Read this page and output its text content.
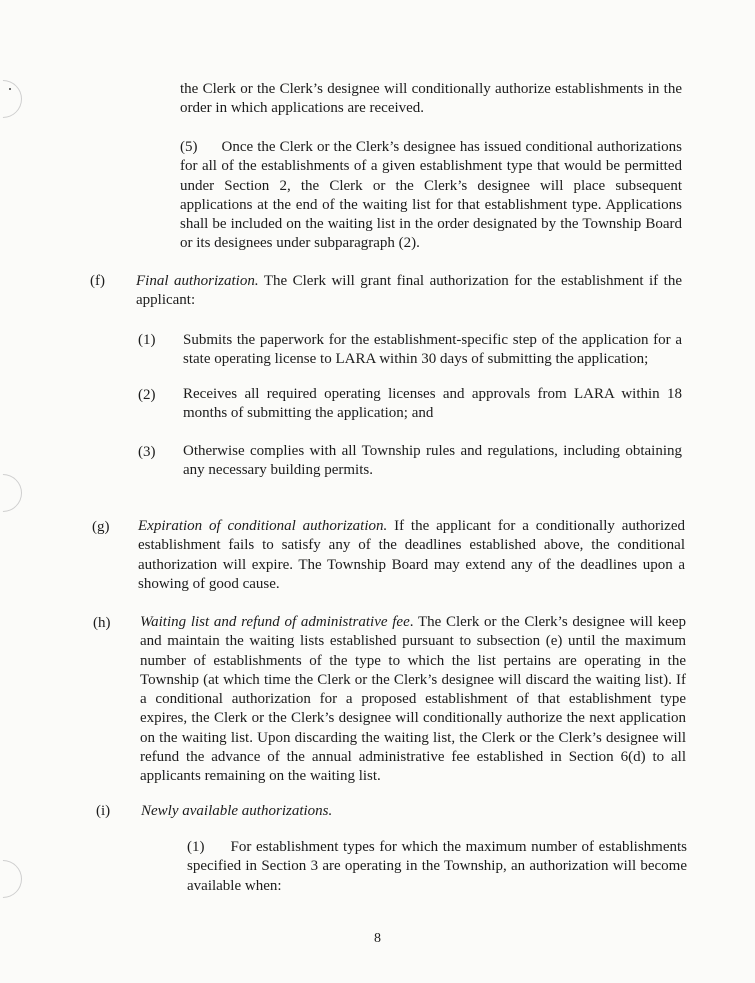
the Clerk or the Clerk’s designee will conditionally authorize establishments in the order in which applications are received.

(5) Once the Clerk or the Clerk’s designee has issued conditional authorizations for all of the establishments of a given establishment type that would be permitted under Section 2, the Clerk or the Clerk’s designee will place subsequent applications at the end of the waiting list for that establishment type. Applications shall be included on the waiting list in the order designated by the Township Board or its designees under subparagraph (2).

(f) Final authorization. The Clerk will grant final authorization for the establishment if the applicant:

(1) Submits the paperwork for the establishment-specific step of the application for a state operating license to LARA within 30 days of submitting the application;

(2) Receives all required operating licenses and approvals from LARA within 18 months of submitting the application; and

(3) Otherwise complies with all Township rules and regulations, including obtaining any necessary building permits.

(g) Expiration of conditional authorization. If the applicant for a conditionally authorized establishment fails to satisfy any of the deadlines established above, the conditional authorization will expire. The Township Board may extend any of the deadlines upon a showing of good cause.

(h) Waiting list and refund of administrative fee. The Clerk or the Clerk’s designee will keep and maintain the waiting lists established pursuant to subsection (e) until the maximum number of establishments of the type to which the list pertains are operating in the Township (at which time the Clerk or the Clerk’s designee will discard the waiting list). If a conditional authorization for a proposed establishment of that establishment type expires, the Clerk or the Clerk’s designee will conditionally authorize the next application on the waiting list. Upon discarding the waiting list, the Clerk or the Clerk’s designee will refund the advance of the annual administrative fee established in Section 6(d) to all applicants remaining on the waiting list.

(i) Newly available authorizations.

(1) For establishment types for which the maximum number of establishments specified in Section 3 are operating in the Township, an authorization will become available when:

8
